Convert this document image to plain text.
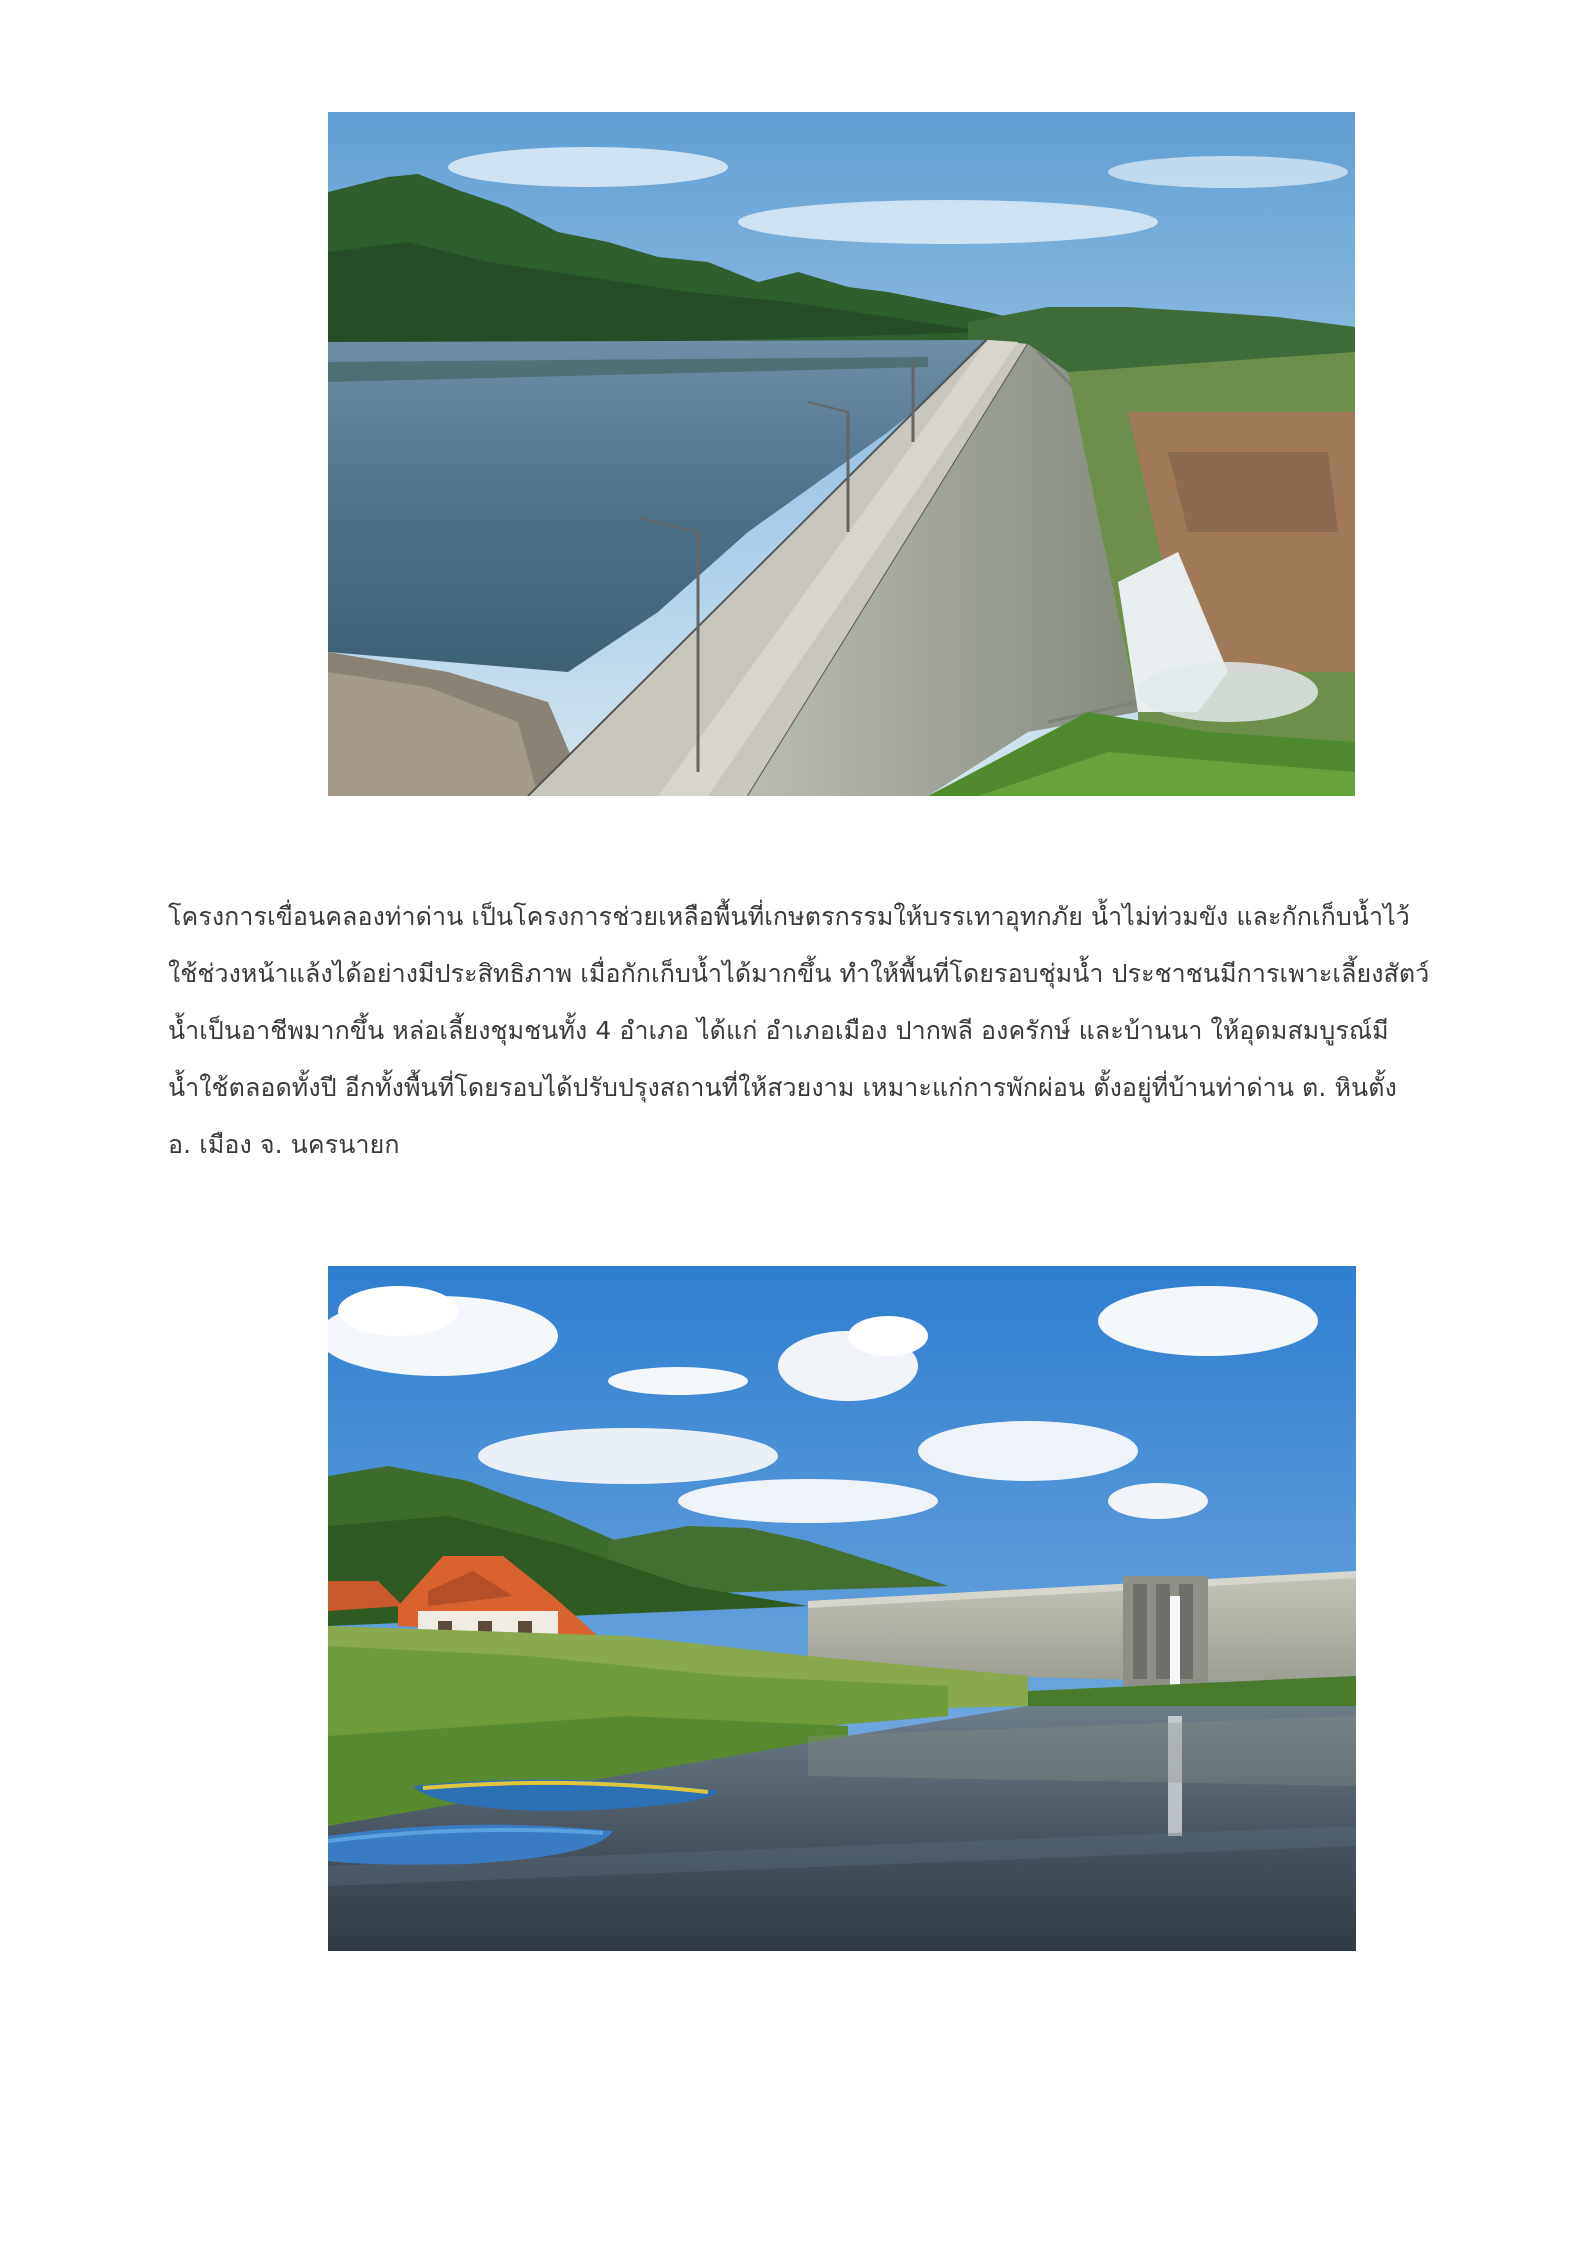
โครงการเขื่อนคลองท่าด่าน เป็นโครงการช่วยเหลือพื้นที่เกษตรกรรมให้บรรเทาอุทกภัย น้ำไม่ท่วมขัง และกักเก็บน้ำไว้
ใช้ช่วงหน้าแล้งได้อย่างมีประสิทธิภาพ เมื่อกักเก็บน้ำได้มากขึ้น ทำให้พื้นที่โดยรอบชุ่มน้ำ ประชาชนมีการเพาะเลี้ยงสัตว์
น้ำเป็นอาชีพมากขึ้น หล่อเลี้ยงชุมชนทั้ง 4 อำเภอ ได้แก่ อำเภอเมือง ปากพลี องครักษ์ และบ้านนา ให้อุดมสมบูรณ์มี
น้ำใช้ตลอดทั้งปี อีกทั้งพื้นที่โดยรอบได้ปรับปรุงสถานที่ให้สวยงาม เหมาะแก่การพักผ่อน ตั้งอยู่ที่บ้านท่าด่าน ต. หินตั้ง
อ. เมือง จ. นครนายก
